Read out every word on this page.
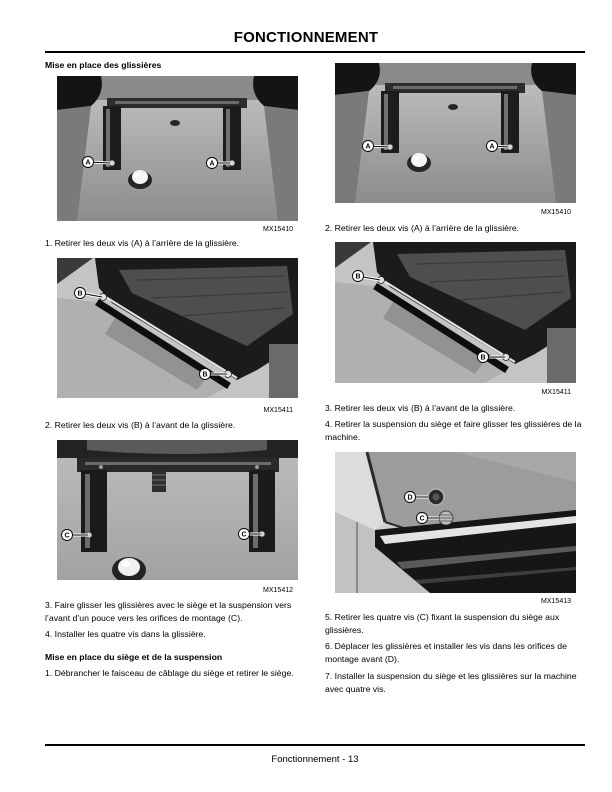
FONCTIONNEMENT
Mise en place des glissières
A	A
MX15410

1. Retirer les deux vis (A) à l’arrière de la glissière.

B
B
MX15411

2. Retirer les deux vis (B) à l’avant de la glissière.

C	C
MX15412

3. Faire glisser les glissières avec le siège et la suspension vers l’avant d’un pouce vers les orifices de montage (C).

4. Installer les quatre vis dans la glissière.

Mise en place du siège et de la suspension

1. Débrancher le faisceau de câblage du siège et retirer le siège.

A	A
MX15410

2. Retirer les deux vis (A) à l’arrière de la glissière.

B
B
MX15411

3. Retirer les deux vis (B) à l’avant de la glissière.

4. Retirer la suspension du siège et faire glisser les glissières de la machine.

D
C
MX15413

5. Retirer les quatre vis (C) fixant la suspension du siège aux glissières.

6. Déplacer les glissières et installer les vis dans les orifices de montage avant (D).

7. Installer la suspension du siège et les glissières sur la machine avec quatre vis.

Fonctionnement - 13
